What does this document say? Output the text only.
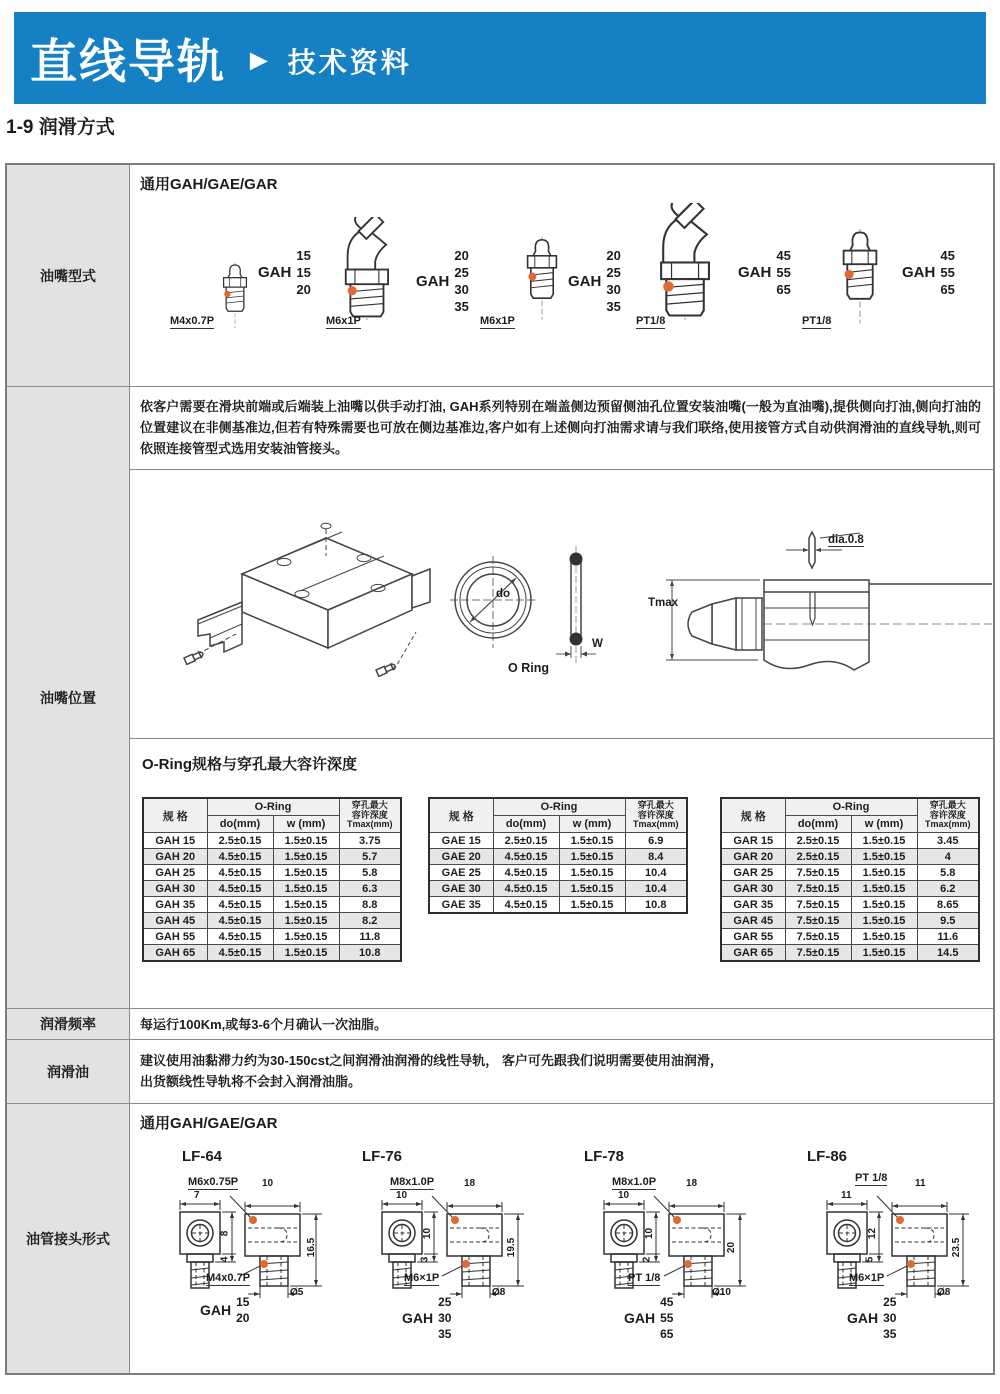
直线导轨 ► 技术资料
1-9 润滑方式
油嘴型式
通用GAH/GAE/GAR
M4x0.7P
GAH
15
15
20
M6x1P
GAH
20
25
30
35
M6x1P
GAH
20
25
30
35
PT1/8
GAH
45
55
65
PT1/8
GAH
45
55
65
油嘴位置
依客户需要在滑块前端或后端装上油嘴以供手动打油, GAH系列特别在端盖侧边预留侧油孔位置安装油嘴(一般为直油嘴),提供侧向打油,侧向打油的位置建议在非侧基准边,但若有特殊需要也可放在侧边基准边,客户如有上述侧向打油需求请与我们联络,使用接管方式自动供润滑油的直线导轨,则可依照连接管型式选用安装油管接头。
do
W
O Ring
Tmax
dia.0.8
O-Ring规格与穿孔最大容许深度
规 格	O-Ring		穿孔最大
容许深度
Tmax(mm)

	do(mm)	w (mm)	
GAH 15	2.5±0.15	1.5±0.15	3.75
GAH 20	4.5±0.15	1.5±0.15	5.7
GAH 25	4.5±0.15	1.5±0.15	5.8
GAH 30	4.5±0.15	1.5±0.15	6.3
GAH 35	4.5±0.15	1.5±0.15	8.8
GAH 45	4.5±0.15	1.5±0.15	8.2
GAH 55	4.5±0.15	1.5±0.15	11.8
GAH 65	4.5±0.15	1.5±0.15	10.8
规 格	O-Ring		穿孔最大
容许深度
Tmax(mm)

	do(mm)	w (mm)	
GAE 15	2.5±0.15	1.5±0.15	6.9
GAE 20	4.5±0.15	1.5±0.15	8.4
GAE 25	4.5±0.15	1.5±0.15	10.4
GAE 30	4.5±0.15	1.5±0.15	10.4
GAE 35	4.5±0.15	1.5±0.15	10.8
规 格	O-Ring		穿孔最大
容许深度
Tmax(mm)

	do(mm)	w (mm)	
GAR 15	2.5±0.15	1.5±0.15	3.45
GAR 20	2.5±0.15	1.5±0.15	4
GAR 25	7.5±0.15	1.5±0.15	5.8
GAR 30	7.5±0.15	1.5±0.15	6.2
GAR 35	7.5±0.15	1.5±0.15	8.65
GAR 45	7.5±0.15	1.5±0.15	9.5
GAR 55	7.5±0.15	1.5±0.15	11.6
GAR 65	7.5±0.15	1.5±0.15	14.5
润滑频率	每运行100Km,或每3-6个月确认一次油脂。
润滑油
建议使用油黏滞力约为30-150cst之间润滑油润滑的线性导轨， 客户可先跟我们说明需要使用油润滑，
出货额线性导轨将不会封入润滑油脂。
油管接头形式
通用GAH/GAE/GAR
LF-64
M6x0.75P 10
7
8
4
16.5
M4x0.7P
Ø5
GAH 15
20
LF-76
M8x1.0P	18
10
10
3
19.5
M6×1P
Ø8
GAH
25
30
35
LF-78
M8x1.0P	18
10
10
2
20
PT 1/8
Ø10
GAH
45
55
65
LF-86
PT 1/8	11
11
12
5
23.5
M6×1P
Ø8
GAH
25
30
35
